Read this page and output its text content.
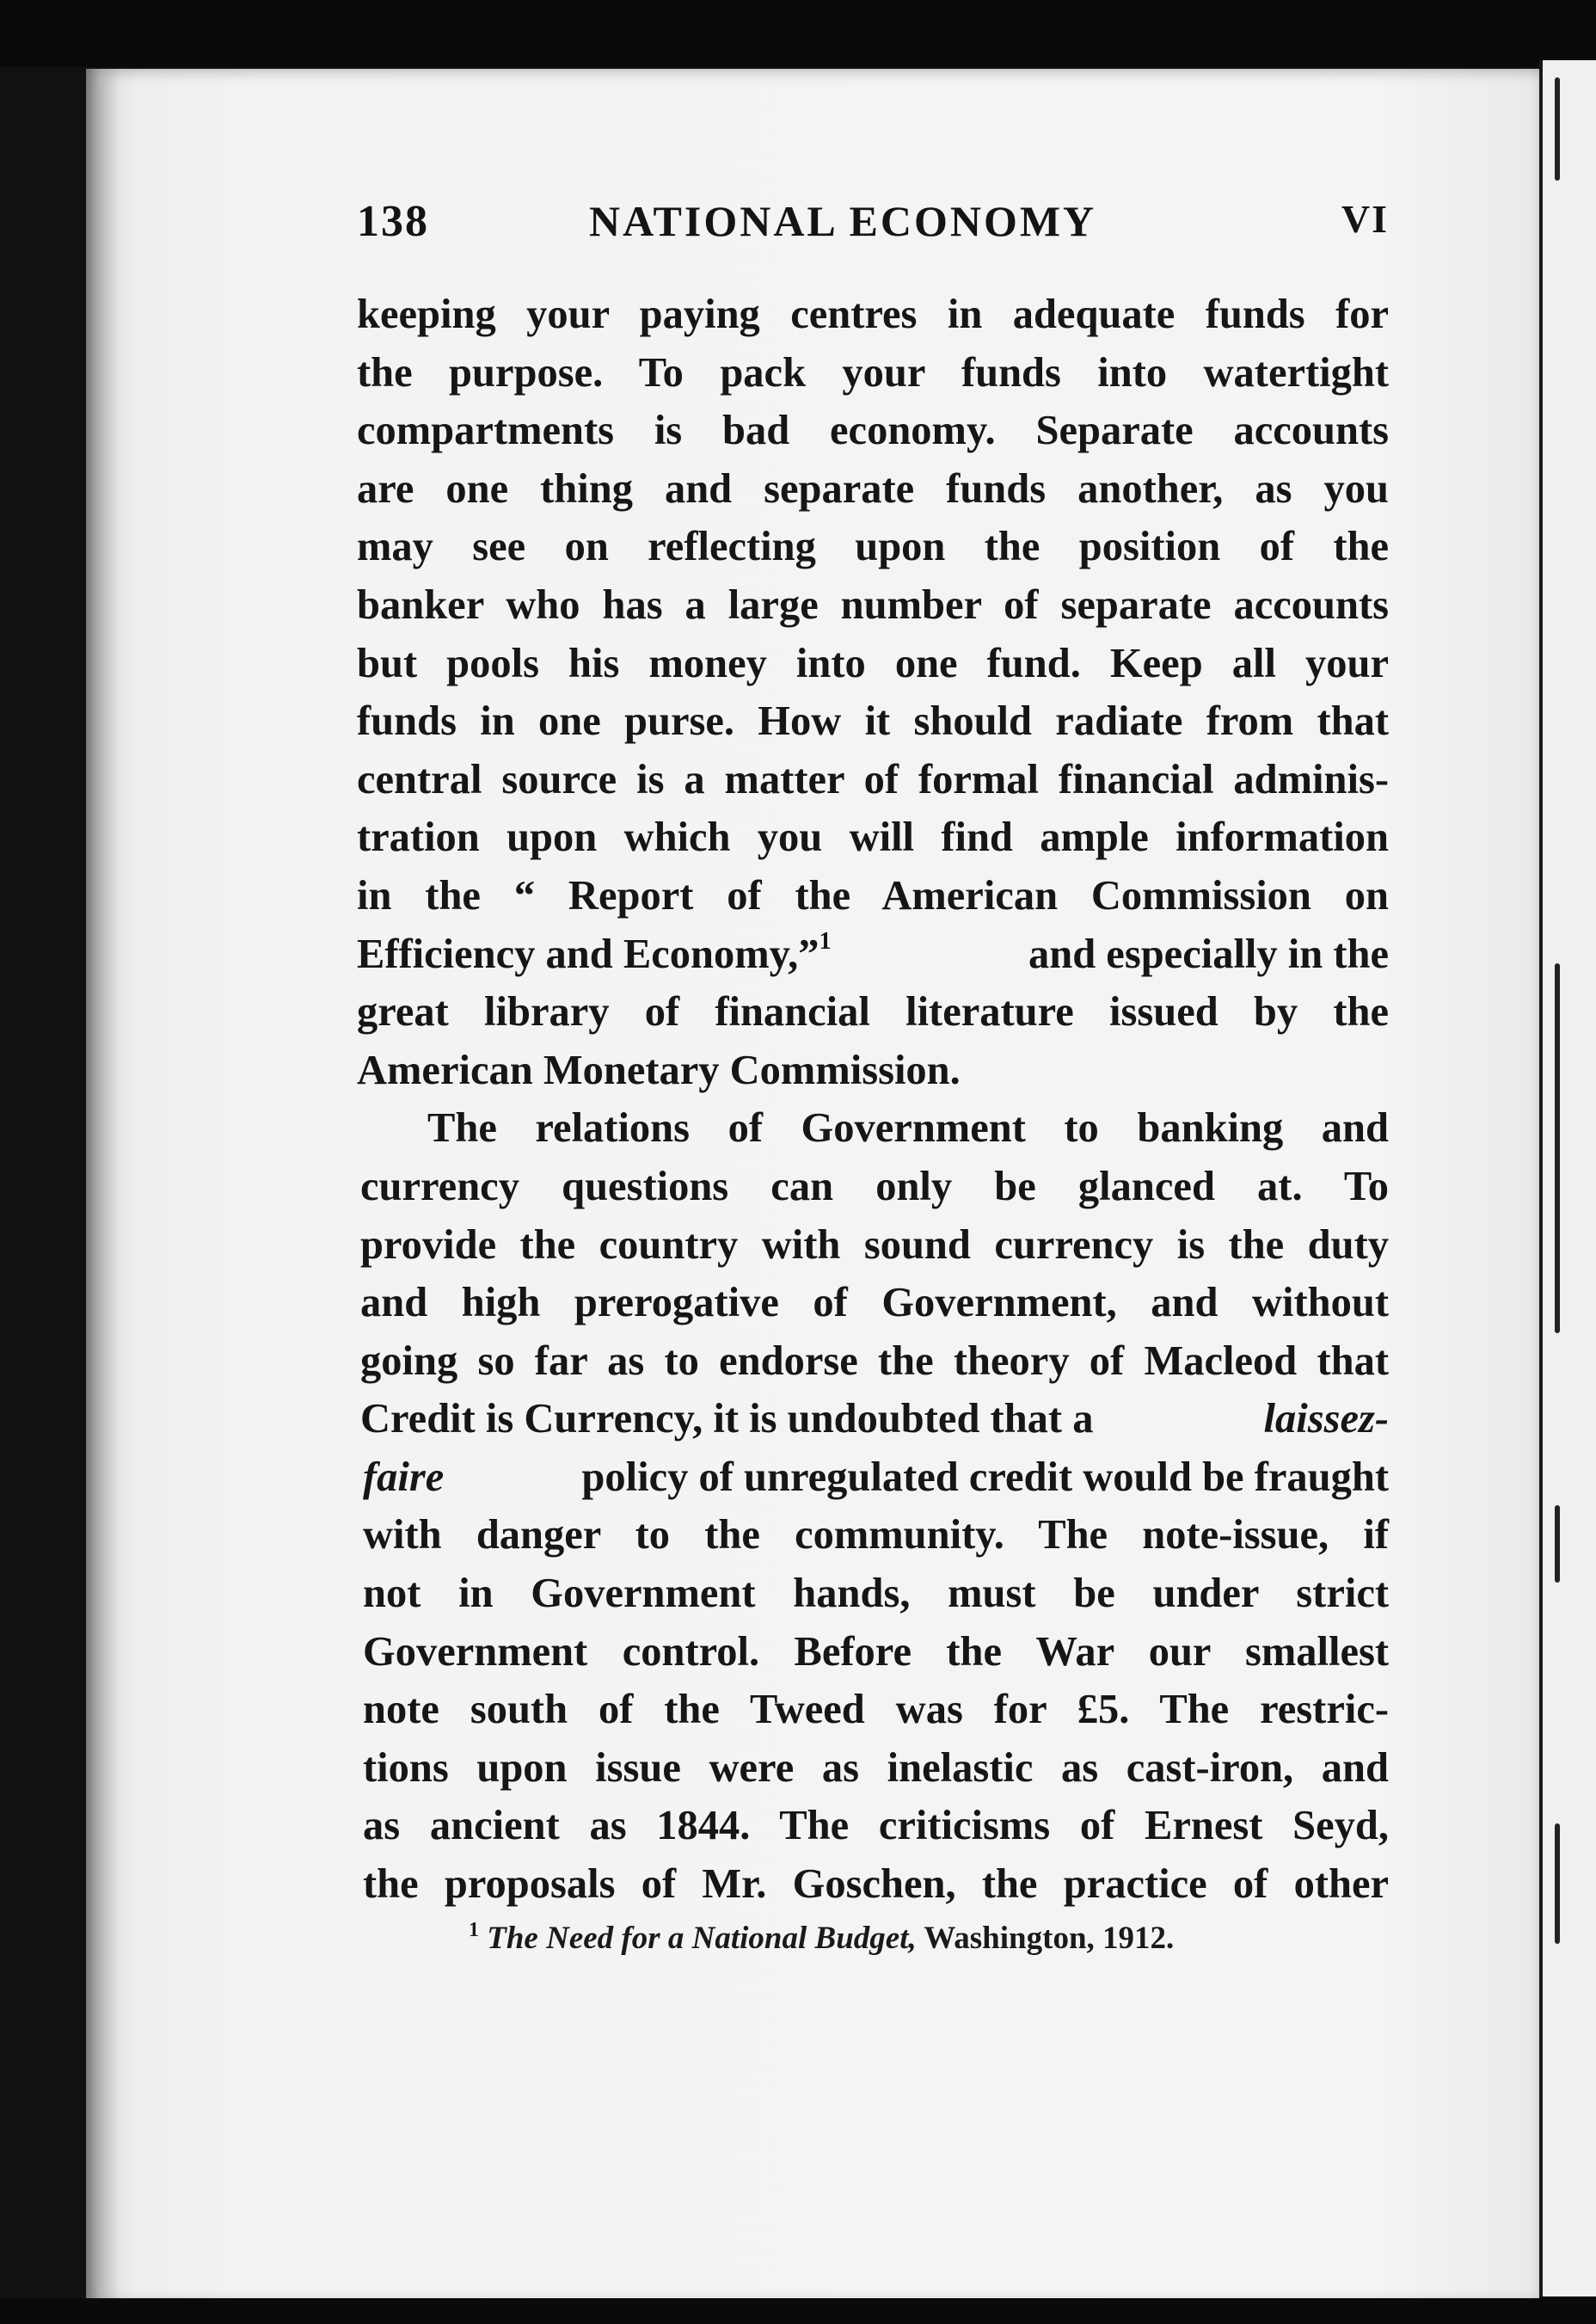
138	NATIONAL ECONOMY	VI
keeping your paying centres in adequate funds for
the purpose. To pack your funds into watertight
compartments is bad economy. Separate accounts
are one thing and separate funds another, as you
may see on reflecting upon the position of the
banker who has a large number of separate accounts
but pools his money into one fund. Keep all your
funds in one purse. How it should radiate from that
central source is a matter of formal financial adminis-
tration upon which you will find ample information
in the “ Report of the American Commission on
Efficiency and Economy,”$^1$	and especially in the
great library of financial literature issued by the
American Monetary Commission.
The relations of Government to banking and
currency questions can only be glanced at. To
provide the country with sound currency is the duty
and high prerogative of Government, and without
going so far as to endorse the theory of Macleod that
Credit is Currency, it is undoubted that a	laissez-
faire	policy of unregulated credit would be fraught
with danger to the community. The note-issue, if
not in Government hands, must be under strict
Government control. Before the War our smallest
note south of the Tweed was for £5. The restric-
tions upon issue were as inelastic as cast-iron, and
as ancient as 1844. The criticisms of Ernest Seyd,
the proposals of Mr. Goschen, the practice of other
$^1$ The Need for a National Budget, Washington, 1912.
